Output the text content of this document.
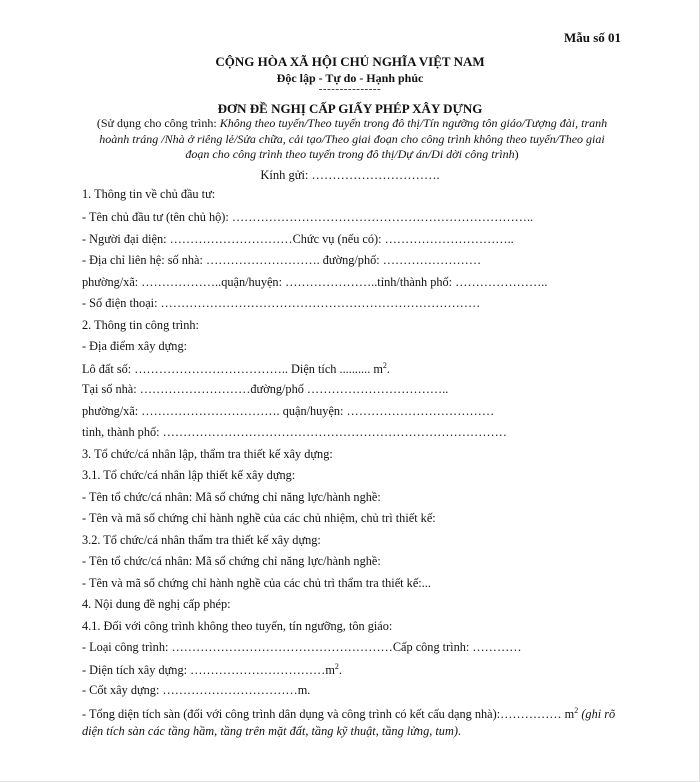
Mẫu số 01
CỘNG HÒA XÃ HỘI CHỦ NGHĨA VIỆT NAM
Độc lập - Tự do - Hạnh phúc
---------------
ĐƠN ĐỀ NGHỊ CẤP GIẤY PHÉP XÂY DỰNG
(Sử dụng cho công trình: Không theo tuyến/Theo tuyến trong đô thị/Tín ngưỡng tôn giáo/Tượng đài, tranh hoành tráng /Nhà ở riêng lẻ/Sửa chữa, cải tạo/Theo giai đoạn cho công trình không theo tuyến/Theo giai đoạn cho công trình theo tuyến trong đô thị/Dự án/Di dời công trình)
Kính gửi: ………………………….
1. Thông tin về chủ đầu tư:
- Tên chủ đầu tư (tên chủ hộ): ………………………………………………………………..
- Người đại diện: …………………………Chức vụ (nếu có): …………………………..
- Địa chỉ liên hệ: số nhà: ………………………. đường/phố: ……………………
phường/xã: ………………..quận/huyện: …………………..tỉnh/thành phố: …………………..
- Số điện thoại: ……………………………………………………………………
2. Thông tin công trình:
- Địa điểm xây dựng:
Lô đất số: ……………………………….. Diện tích .......... $m^2$.
Tại số nhà: ………………………đường/phố ……………………………..
phường/xã: ……………………………. quận/huyện: ………………………………
tỉnh, thành phố: …………………………………………………………………………
3. Tổ chức/cá nhân lập, thẩm tra thiết kế xây dựng:
3.1. Tổ chức/cá nhân lập thiết kế xây dựng:
- Tên tổ chức/cá nhân: Mã số chứng chỉ năng lực/hành nghề:
- Tên và mã số chứng chỉ hành nghề của các chủ nhiệm, chủ trì thiết kế:
3.2. Tổ chức/cá nhân thẩm tra thiết kế xây dựng:
- Tên tổ chức/cá nhân: Mã số chứng chỉ năng lực/hành nghề:
- Tên và mã số chứng chỉ hành nghề của các chủ trì thẩm tra thiết kế:...
4. Nội dung đề nghị cấp phép:
4.1. Đối với công trình không theo tuyến, tín ngưỡng, tôn giáo:
- Loại công trình: ………………………………………………Cấp công trình: …………
- Diện tích xây dựng: $\dots\dots\dots\dots\dots\dots\dots\dots\dots\dots\dots m^2$.
- Cốt xây dựng: ……………………………m.
- Tổng diện tích sàn (đối với công trình dân dụng và công trình có kết cấu dạng nhà):…………… $m^2$ (ghi rõ diện tích sàn các tầng hầm, tầng trên mặt đất, tầng kỹ thuật, tầng lửng, tum).
